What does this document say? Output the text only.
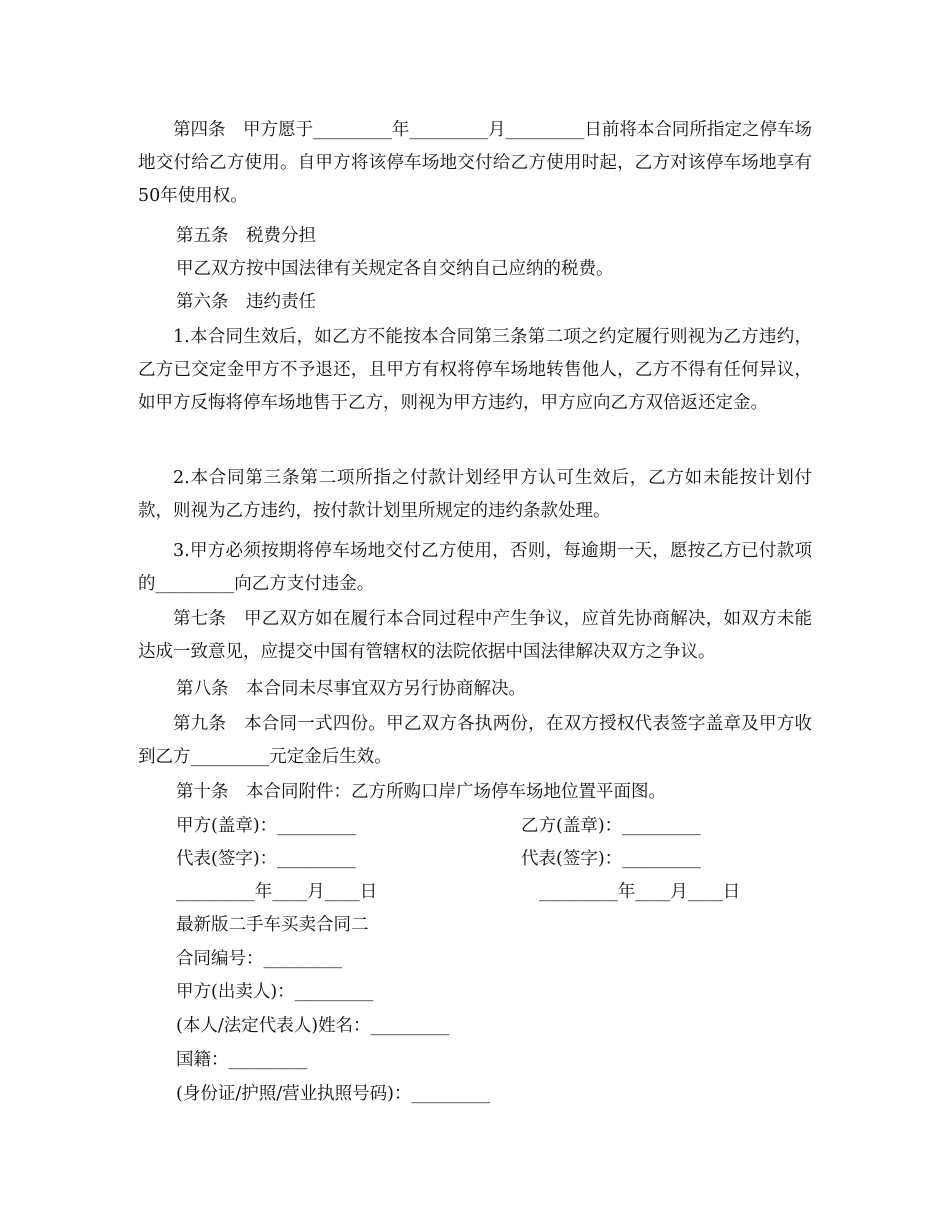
第四条　甲方愿于_________年_________月_________日前将本合同所指定之停车场地交付给乙方使用。自甲方将该停车场地交付给乙方使用时起，乙方对该停车场地享有50年使用权。

第五条　税费分担

甲乙双方按中国法律有关规定各自交纳自己应纳的税费。

第六条　违约责任

1.本合同生效后，如乙方不能按本合同第三条第二项之约定履行则视为乙方违约，乙方已交定金甲方不予退还，且甲方有权将停车场地转售他人，乙方不得有任何异议，如甲方反悔将停车场地售于乙方，则视为甲方违约，甲方应向乙方双倍返还定金。

2.本合同第三条第二项所指之付款计划经甲方认可生效后，乙方如未能按计划付款，则视为乙方违约，按付款计划里所规定的违约条款处理。

3.甲方必须按期将停车场地交付乙方使用，否则，每逾期一天，愿按乙方已付款项的_________向乙方支付违金。

第七条　甲乙双方如在履行本合同过程中产生争议，应首先协商解决，如双方未能达成一致意见，应提交中国有管辖权的法院依据中国法律解决双方之争议。

第八条　本合同未尽事宜双方另行协商解决。

第九条　本合同一式四份。甲乙双方各执两份，在双方授权代表签字盖章及甲方收到乙方_________元定金后生效。

第十条　本合同附件：乙方所购口岸广场停车场地位置平面图。

甲方(盖章)：_________	乙方(盖章)：_________

代表(签字)：_________	代表(签字)：_________

_________年____月____日	_________年____月____日

最新版二手车买卖合同二

合同编号：_________

甲方(出卖人)：_________

(本人/法定代表人)姓名：_________

国籍：_________

(身份证/护照/营业执照号码)：_________
